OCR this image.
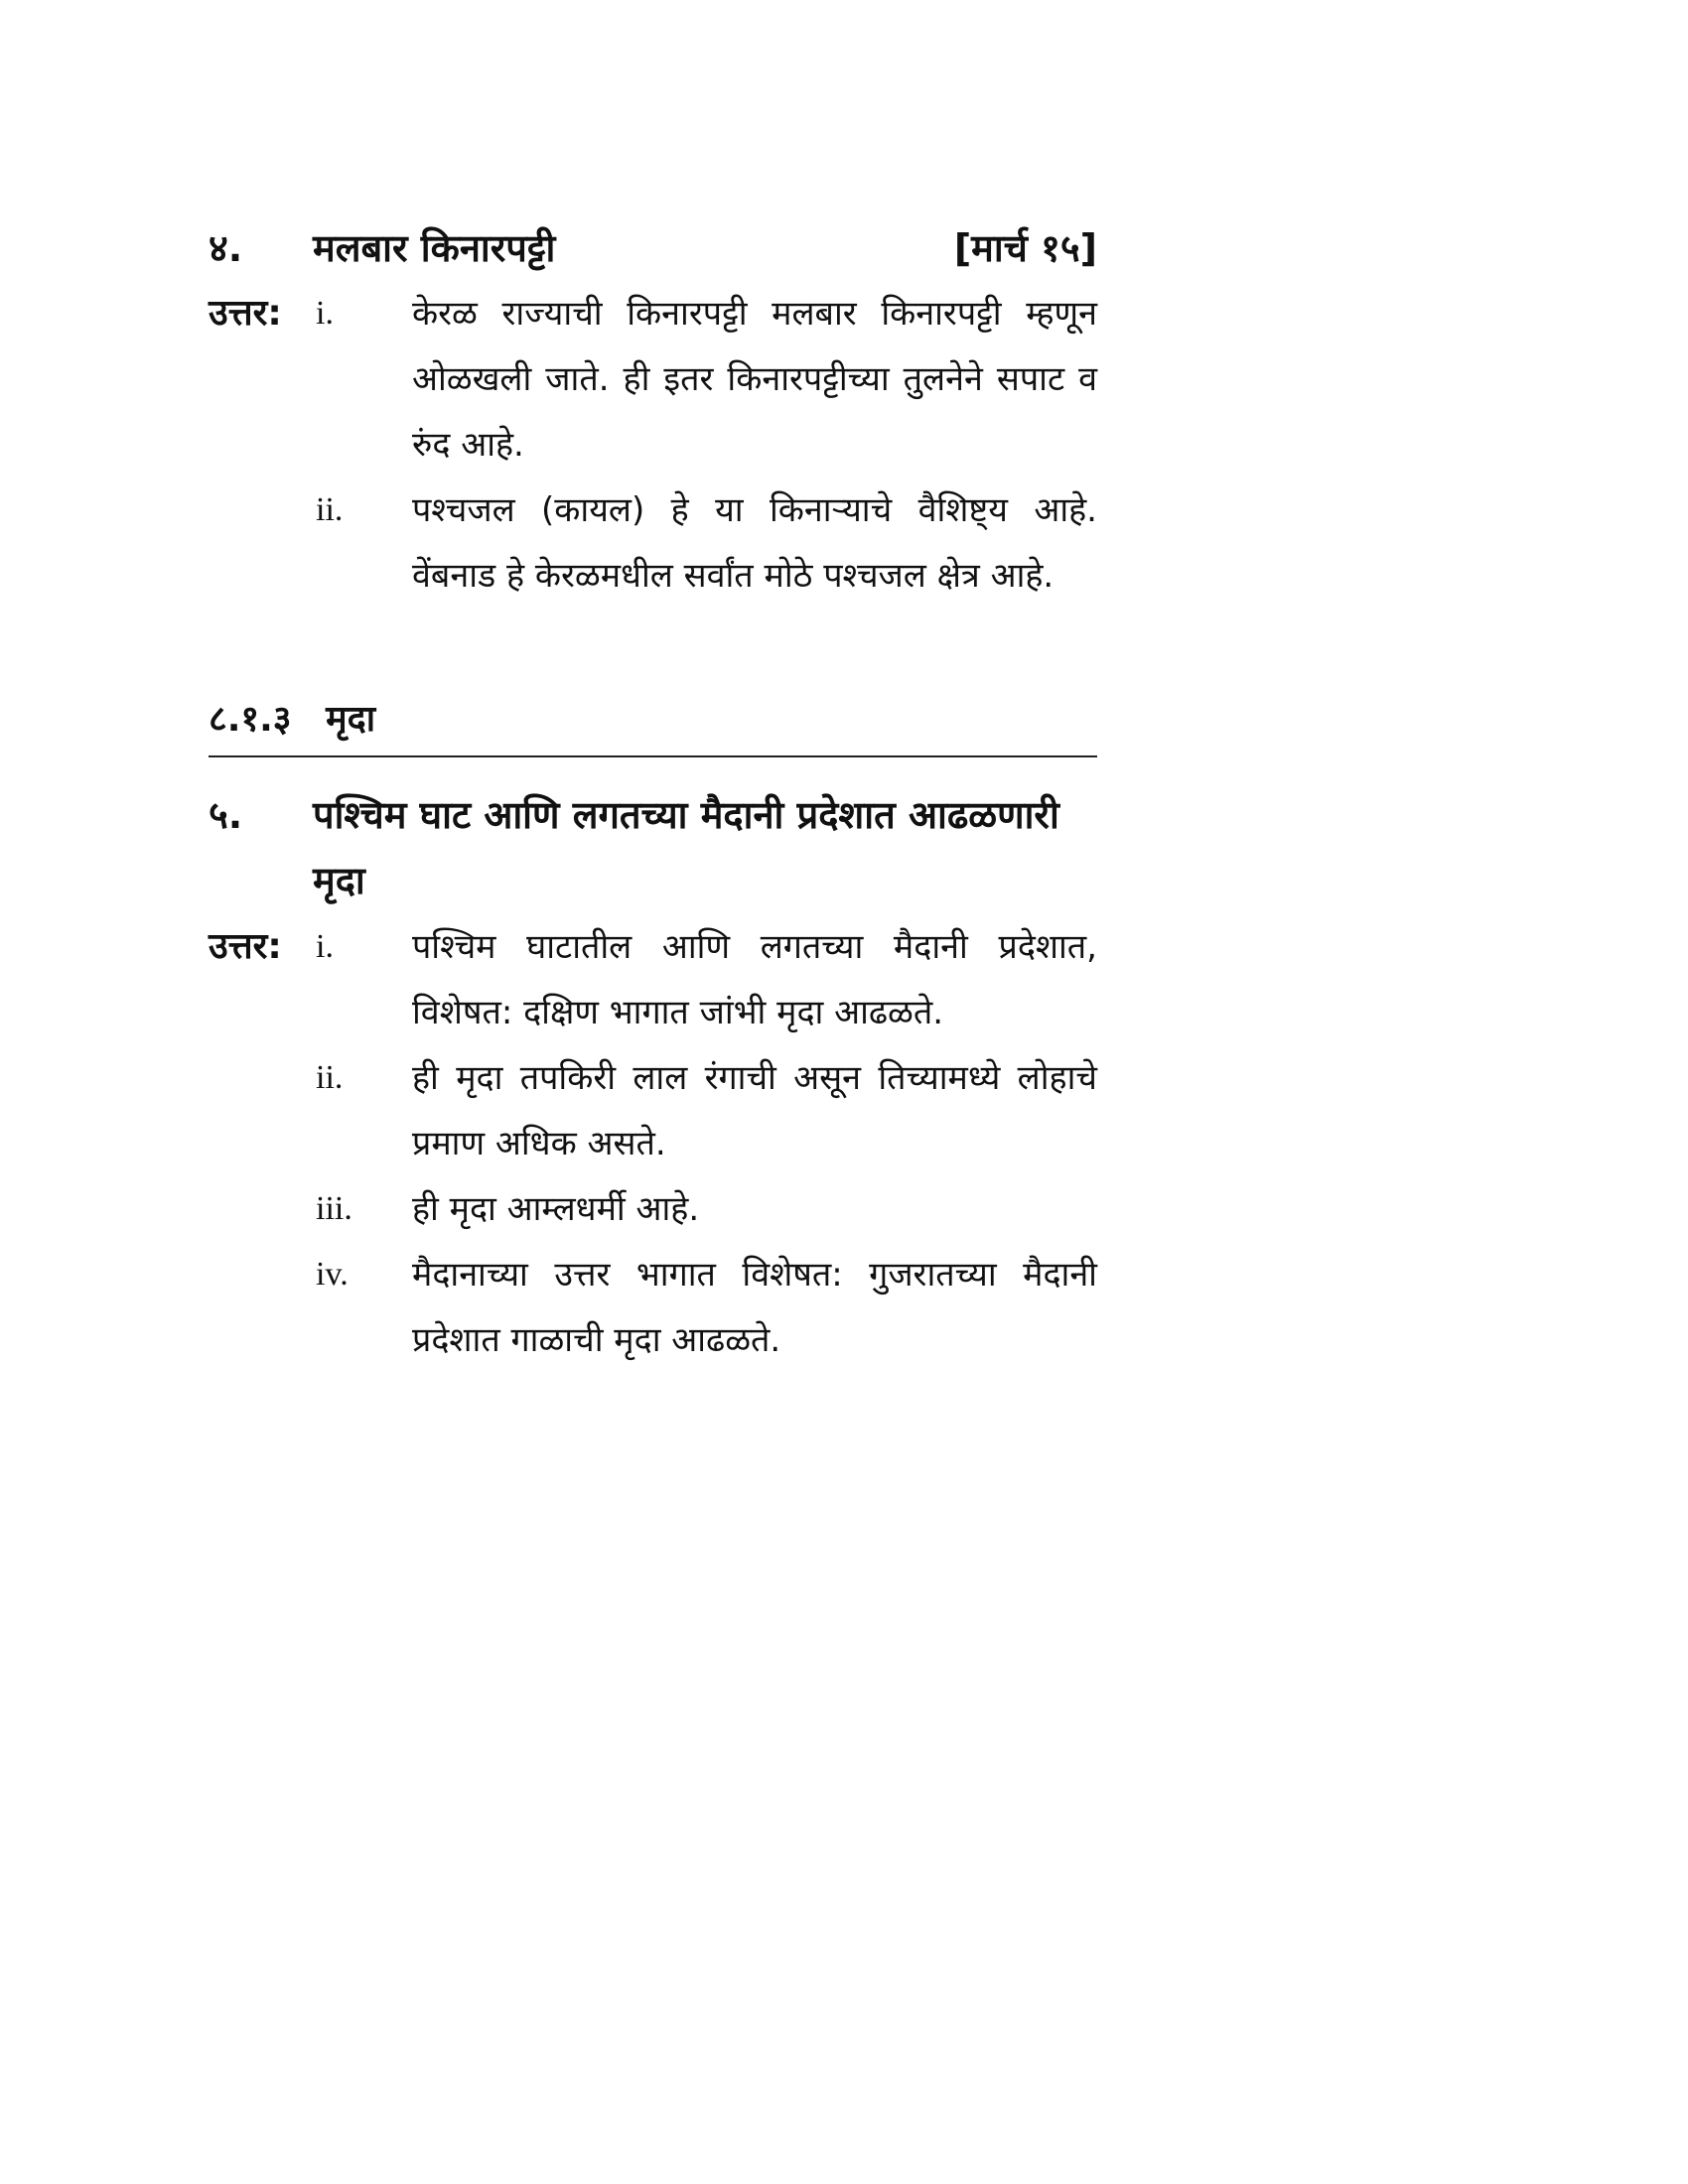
४. मलबार किनारपट्टी	[मार्च १५]
उत्तर: i. केरळ राज्याची किनारपट्टी मलबार किनारपट्टी म्हणून ओळखली जाते. ही इतर किनारपट्टीच्या तुलनेने सपाट व रुंद आहे.
ii. पश्चजल (कायल) हे या किनाऱ्याचे वैशिष्ट्य आहे. वेंबनाड हे केरळमधील सर्वांत मोठे पश्चजल क्षेत्र आहे.
८.१.३ मृदा
५. पश्चिम घाट आणि लगतच्या मैदानी प्रदेशात आढळणारी मृदा
उत्तर: i. पश्चिम घाटातील आणि लगतच्या मैदानी प्रदेशात, विशेषत: दक्षिण भागात जांभी मृदा आढळते.
ii. ही मृदा तपकिरी लाल रंगाची असून तिच्यामध्ये लोहाचे प्रमाण अधिक असते.
iii. ही मृदा आम्लधर्मी आहे.
iv. मैदानाच्या उत्तर भागात विशेषत: गुजरातच्या मैदानी प्रदेशात गाळाची मृदा आढळते.
